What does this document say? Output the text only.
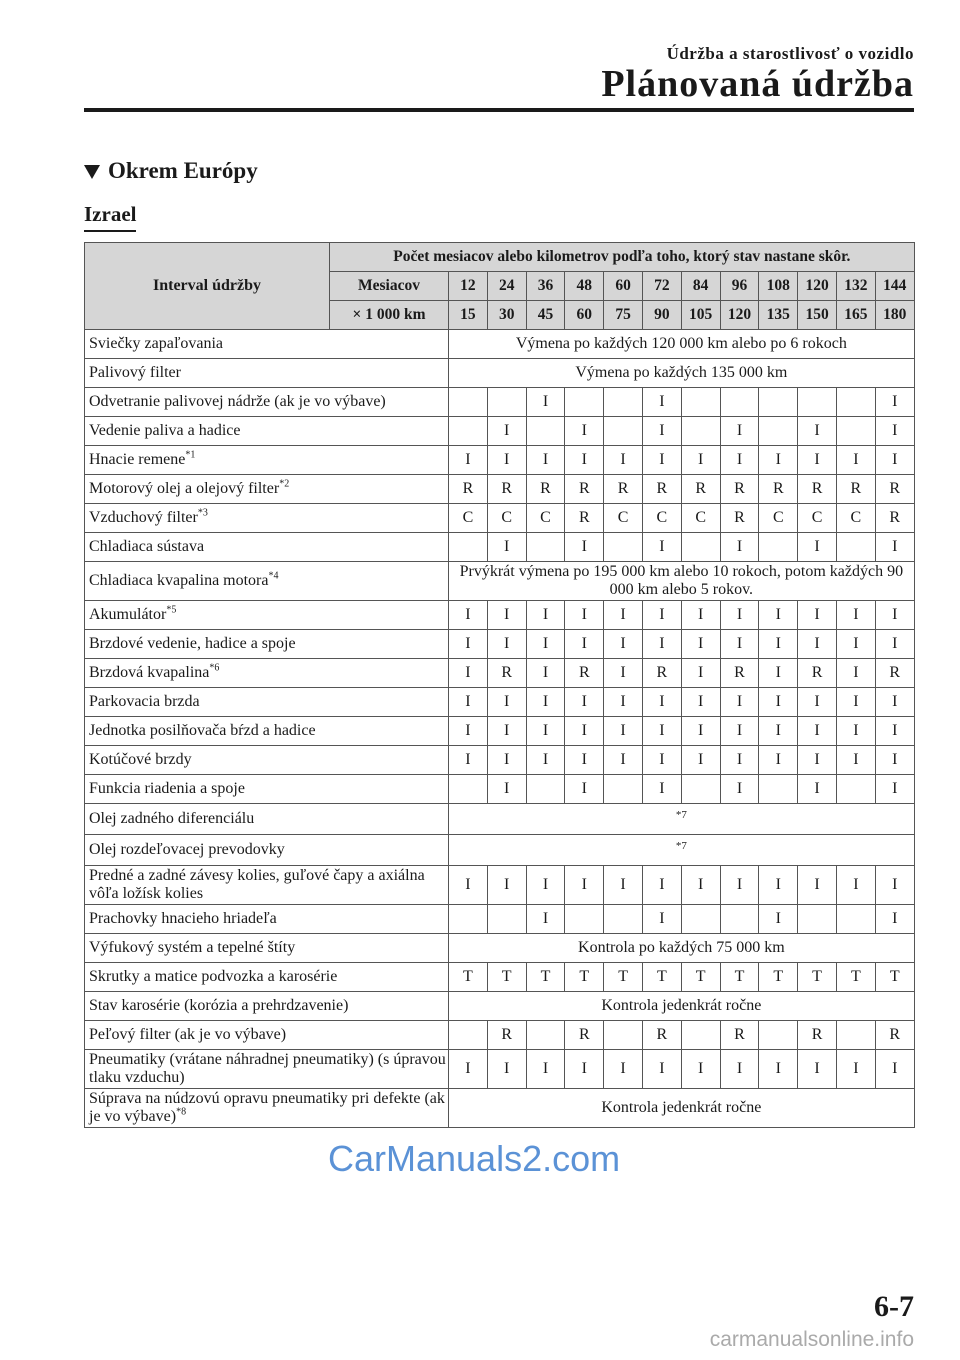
Údržba a starostlivosť o vozidlo
Plánovaná údržba
Okrem Európy
Izrael
Interval údržby	Počet mesiacov alebo kilometrov podľa toho, ktorý stav nastane skôr.												
	Mesiacov	12	24	36	48	60	72	84	96	108	120	132	144
	× 1 000 km	15	30	45	60	75	90	105	120	135	150	165	180
Sviečky zapaľovania		Výmena po každých 120 000 km alebo po 6 rokoch											
Palivový filter		Výmena po každých 135 000 km											
Odvetranie palivovej nádrže (ak je vo výbave)				I			I						I
Vedenie paliva a hadice			I		I		I		I		I		I
Hnacie remene$^{*1}$		I	I	I	I	I	I	I	I	I	I	I	I
Motorový olej a olejový filter$^{*2}$		R	R	R	R	R	R	R	R	R	R	R	R
Vzduchový filter$^{*3}$		C	C	C	R	C	C	C	R	C	C	C	R
Chladiaca sústava			I		I		I		I		I		I
Chladiaca kvapalina motora$^{*4}$		Prvýkrát výmena po 195 000 km alebo 10 rokoch, potom každých 90 000 km alebo 5 rokov.											
Akumulátor$^{*5}$		I	I	I	I	I	I	I	I	I	I	I	I
Brzdové vedenie, hadice a spoje		I	I	I	I	I	I	I	I	I	I	I	I
Brzdová kvapalina$^{*6}$		I	R	I	R	I	R	I	R	I	R	I	R
Parkovacia brzda		I	I	I	I	I	I	I	I	I	I	I	I
Jednotka posilňovača bŕzd a hadice		I	I	I	I	I	I	I	I	I	I	I	I
Kotúčové brzdy		I	I	I	I	I	I	I	I	I	I	I	I
Funkcia riadenia a spoje			I		I		I		I		I		I
Olej zadného diferenciálu		*7											
Olej rozdeľovacej prevodovky		*7											
Predné a zadné závesy kolies, guľové čapy a axiálna vôľa ložísk kolies		I	I	I	I	I	I	I	I	I	I	I	I
Prachovky hnacieho hriadeľa				I			I			I			I
Výfukový systém a tepelné štíty		Kontrola po každých 75 000 km											
Skrutky a matice podvozka a karosérie		T	T	T	T	T	T	T	T	T	T	T	T
Stav karosérie (korózia a prehrdzavenie)		Kontrola jedenkrát ročne											
Peľový filter (ak je vo výbave)			R		R		R		R		R		R
Pneumatiky (vrátane náhradnej pneumatiky) (s úpravou tlaku vzduchu)		I	I	I	I	I	I	I	I	I	I	I	I
Súprava na núdzovú opravu pneumatiky pri defekte (ak je vo výbave)$^{*8}$		Kontrola jedenkrát ročne											
CarManuals2.com
6-7
carmanualsonline.info
